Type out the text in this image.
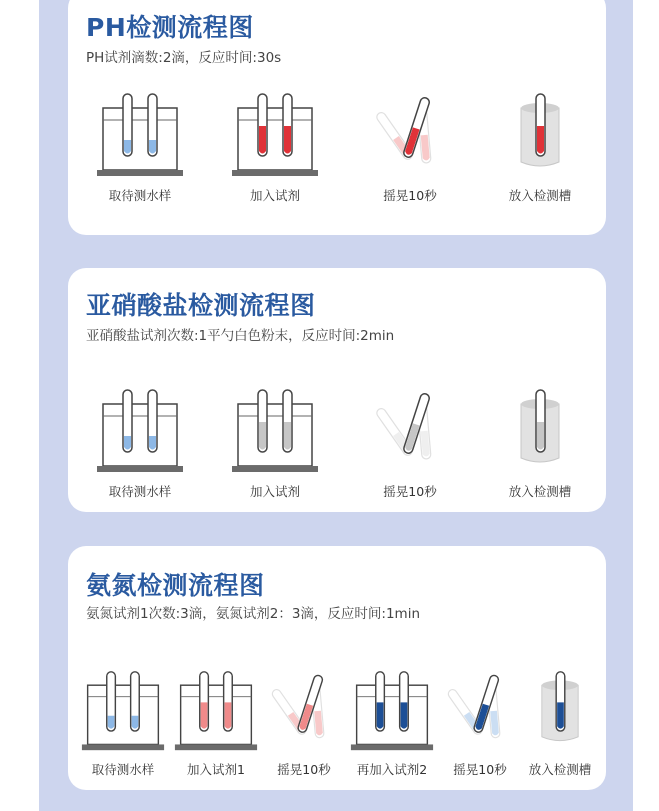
PH检测流程图

PH试剂滴数:2滴，反应时间:30s

取待测水样	加入试剂	摇晃10秒	放入检测槽
亚硝酸盐检测流程图

亚硝酸盐试剂次数:1平勺白色粉末，反应时间:2min

取待测水样	加入试剂	摇晃10秒	放入检测槽
氨氮检测流程图

氨氮试剂1次数:3滴，氨氮试剂2：3滴，反应时间:1min

取待测水样	加入试剂1	摇晃10秒	再加入试剂2	摇晃10秒	放入检测槽
